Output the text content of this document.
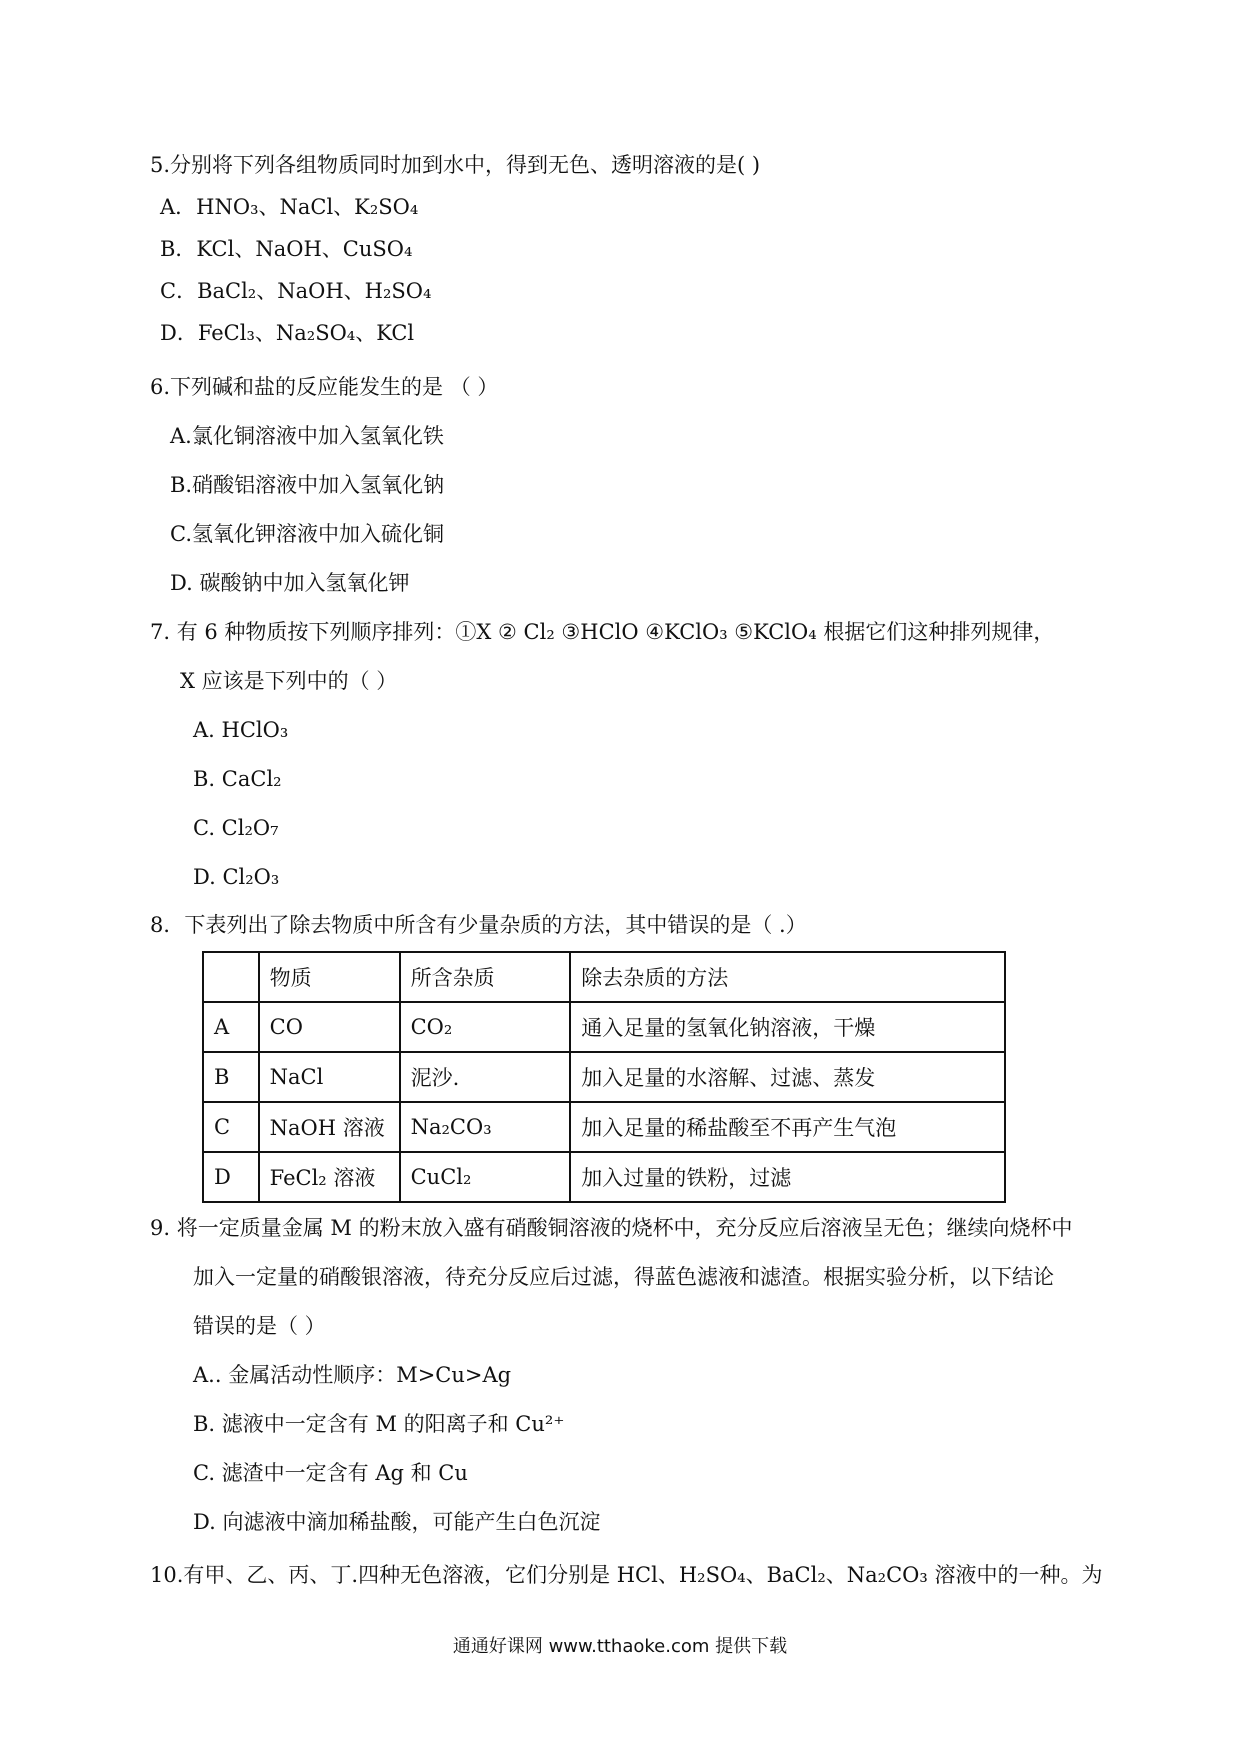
5.分别将下列各组物质同时加到水中，得到无色、透明溶液的是( )
A．HNO₃、NaCl、K₂SO₄
B．KCl、NaOH、CuSO₄
C．BaCl₂、NaOH、H₂SO₄
D．FeCl₃、Na₂SO₄、KCl
6.下列碱和盐的反应能发生的是 （ ）
A.氯化铜溶液中加入氢氧化铁
B.硝酸铝溶液中加入氢氧化钠
C.氢氧化钾溶液中加入硫化铜
D. 碳酸钠中加入氢氧化钾
7. 有 6 种物质按下列顺序排列：①X ② Cl₂ ③HClO ④KClO₃ ⑤KClO₄ 根据它们这种排列规律，
X 应该是下列中的（ ）
A. HClO₃
B. CaCl₂
C. Cl₂O₇
D. Cl₂O₃
8．下表列出了除去物质中所含有少量杂质的方法，其中错误的是（ .）
	物质	所含杂质	除去杂质的方法
A	CO	CO₂	通入足量的氢氧化钠溶液，干燥
B	NaCl	泥沙.	加入足量的水溶解、过滤、蒸发
C	NaOH 溶液	Na₂CO₃	加入足量的稀盐酸至不再产生气泡
D	FeCl₂ 溶液	CuCl₂	加入过量的铁粉，过滤
9. 将一定质量金属 M 的粉末放入盛有硝酸铜溶液的烧杯中，充分反应后溶液呈无色；继续向烧杯中
加入一定量的硝酸银溶液，待充分反应后过滤，得蓝色滤液和滤渣。根据实验分析，以下结论
错误的是（ ）
A.. 金属活动性顺序：M>Cu>Ag
B. 滤液中一定含有 M 的阳离子和 Cu²⁺
C. 滤渣中一定含有 Ag 和 Cu
D. 向滤液中滴加稀盐酸，可能产生白色沉淀
10.有甲、乙、丙、丁.四种无色溶液，它们分别是 HCl、H₂SO₄、BaCl₂、Na₂CO₃ 溶液中的一种。为
通通好课网 www.tthaoke.com 提供下载
